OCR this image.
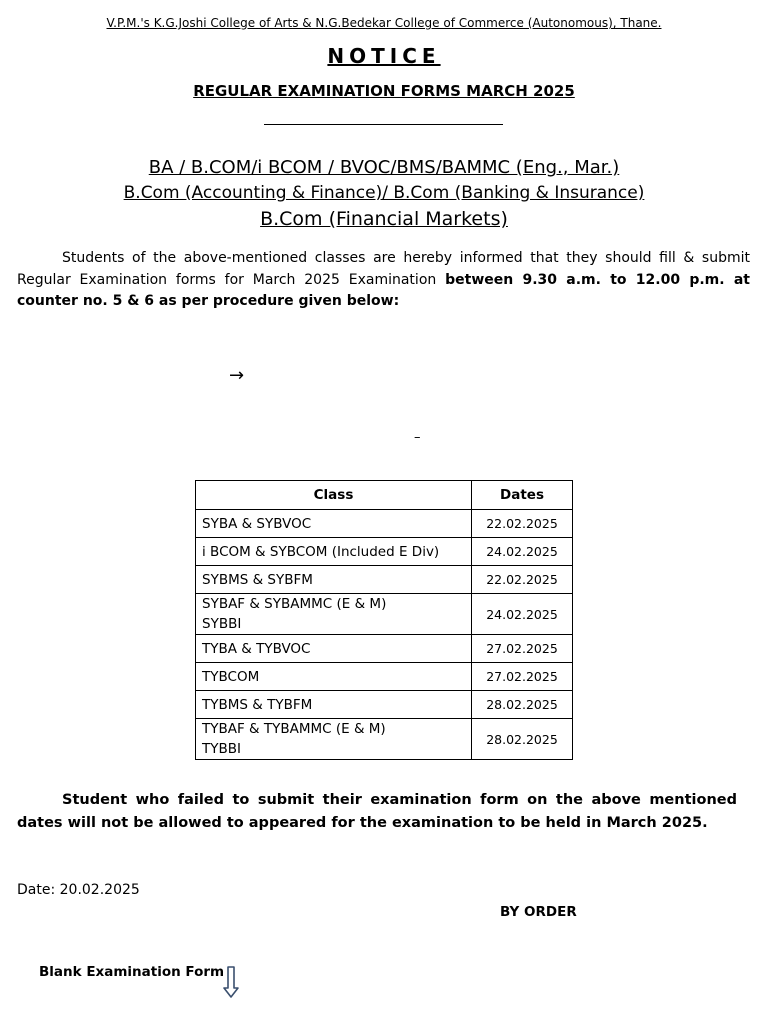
V.P.M.'s K.G.Joshi College of Arts & N.G.Bedekar College of Commerce (Autonomous), Thane.
NOTICE
REGULAR EXAMINATION FORMS MARCH 2025
BA / B.COM/i BCOM / BVOC/BMS/BAMMC (Eng., Mar.)
B.Com (Accounting & Finance)/ B.Com (Banking & Insurance)
B.Com (Financial Markets)
Students of the above-mentioned classes are hereby informed that they should fill & submit Regular Examination forms for March 2025 Examination between 9.30 a.m. to 12.00 p.m. at counter no. 5 & 6 as per procedure given below:
→
–
Class	Dates
SYBA & SYBVOC	22.02.2025
i BCOM & SYBCOM (Included E Div)	24.02.2025
SYBMS & SYBFM	22.02.2025
SYBAF & SYBAMMC (E & M)
SYBBI	24.02.2025
TYBA & TYBVOC	27.02.2025
TYBCOM	27.02.2025
TYBMS & TYBFM	28.02.2025
TYBAF & TYBAMMC (E & M)
TYBBI	28.02.2025
Student who failed to submit their examination form on the above mentioned dates will not be allowed to appeared for the examination to be held in March 2025.
Date: 20.02.2025
BY ORDER
Blank Examination Form
